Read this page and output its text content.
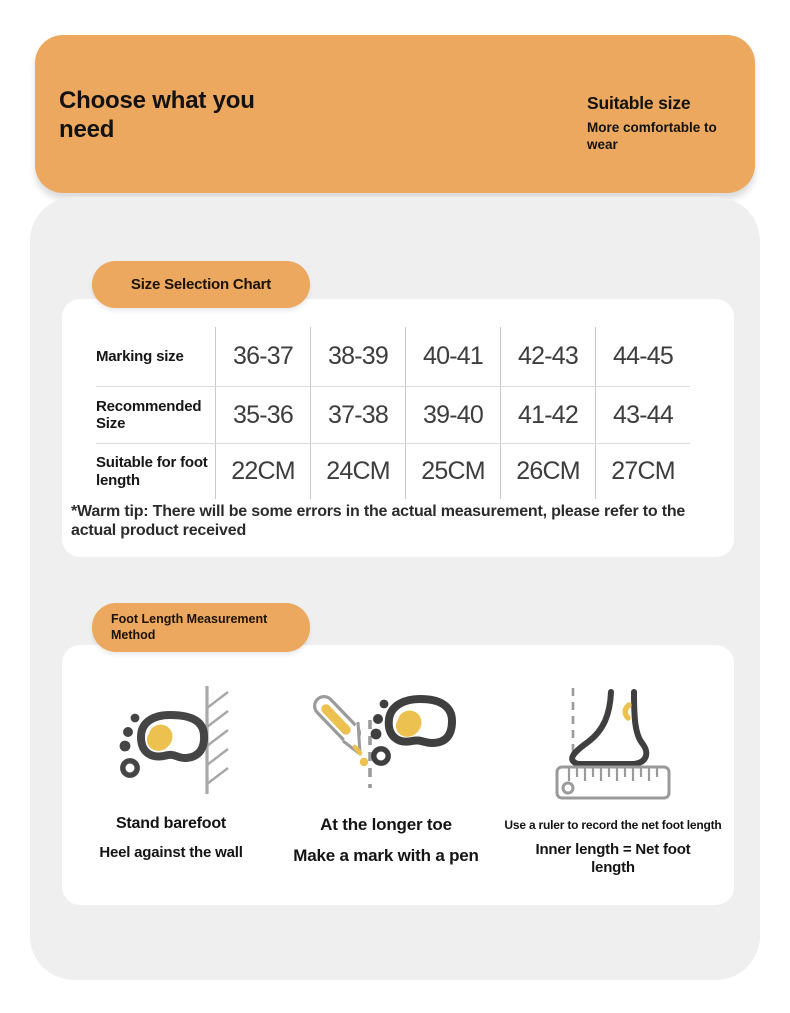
Choose what you need
Suitable size
More comfortable to wear
Size Selection Chart
Marking size	36-37	38-39	40-41	42-43	44-45
Recommended Size	35-36	37-38	39-40	41-42	43-44
Suitable for foot length	22CM	24CM	25CM	26CM	27CM
*Warm tip: There will be some errors in the actual measurement, please refer to the actual product received
Foot Length Measurement Method
Stand barefoot
Heel against the wall
At the longer toe
Make a mark with a pen
Use a ruler to record the net foot length
Inner length = Net foot length
